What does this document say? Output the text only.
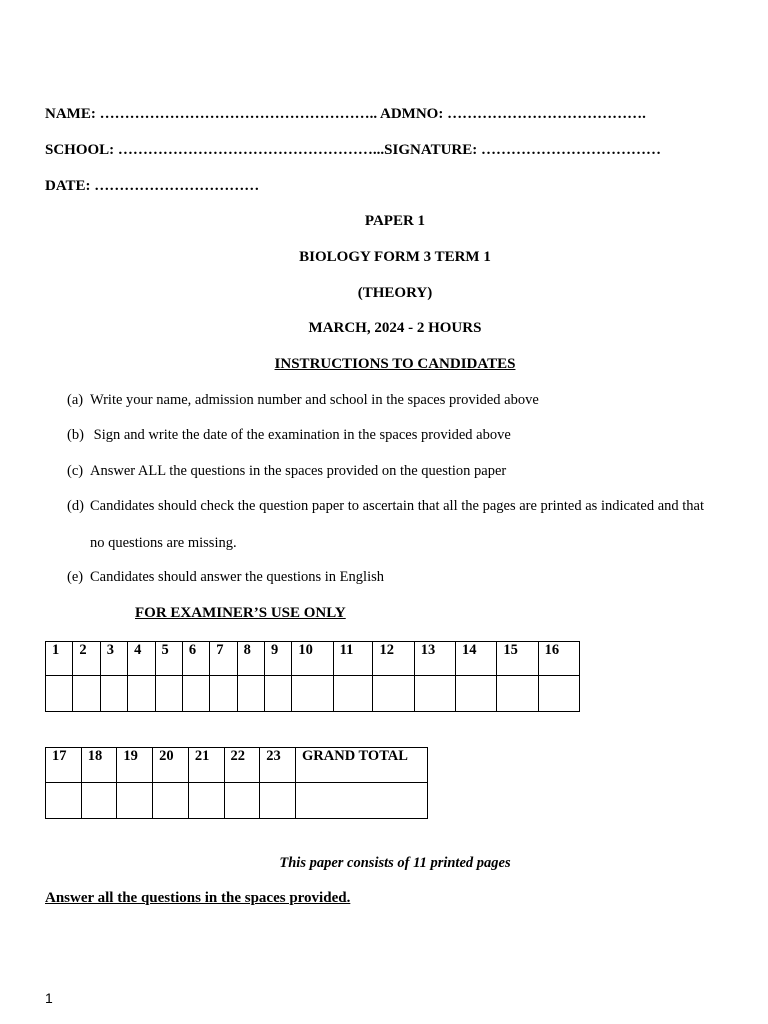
NAME: ……………………………………………….. ADMNO: ………………………………….
SCHOOL: ……………………………………………...SIGNATURE: ………………………………
DATE: ……………………………
PAPER 1
BIOLOGY FORM 3 TERM 1
(THEORY)
MARCH, 2024 - 2 HOURS
INSTRUCTIONS TO CANDIDATES
(a) Write your name, admission number and school in the spaces provided above
(b) Sign and write the date of the examination in the spaces provided above
(c) Answer ALL the questions in the spaces provided on the question paper
(d) Candidates should check the question paper to ascertain that all the pages are printed as indicated and that
no questions are missing.
(e) Candidates should answer the questions in English
FOR EXAMINER’S USE ONLY
1	2	3	4	5	6	7	8	9	10	11	12	13	14	15	16

17	18	19	20	21	22	23	GRAND TOTAL

This paper consists of 11 printed pages
Answer all the questions in the spaces provided.
1
